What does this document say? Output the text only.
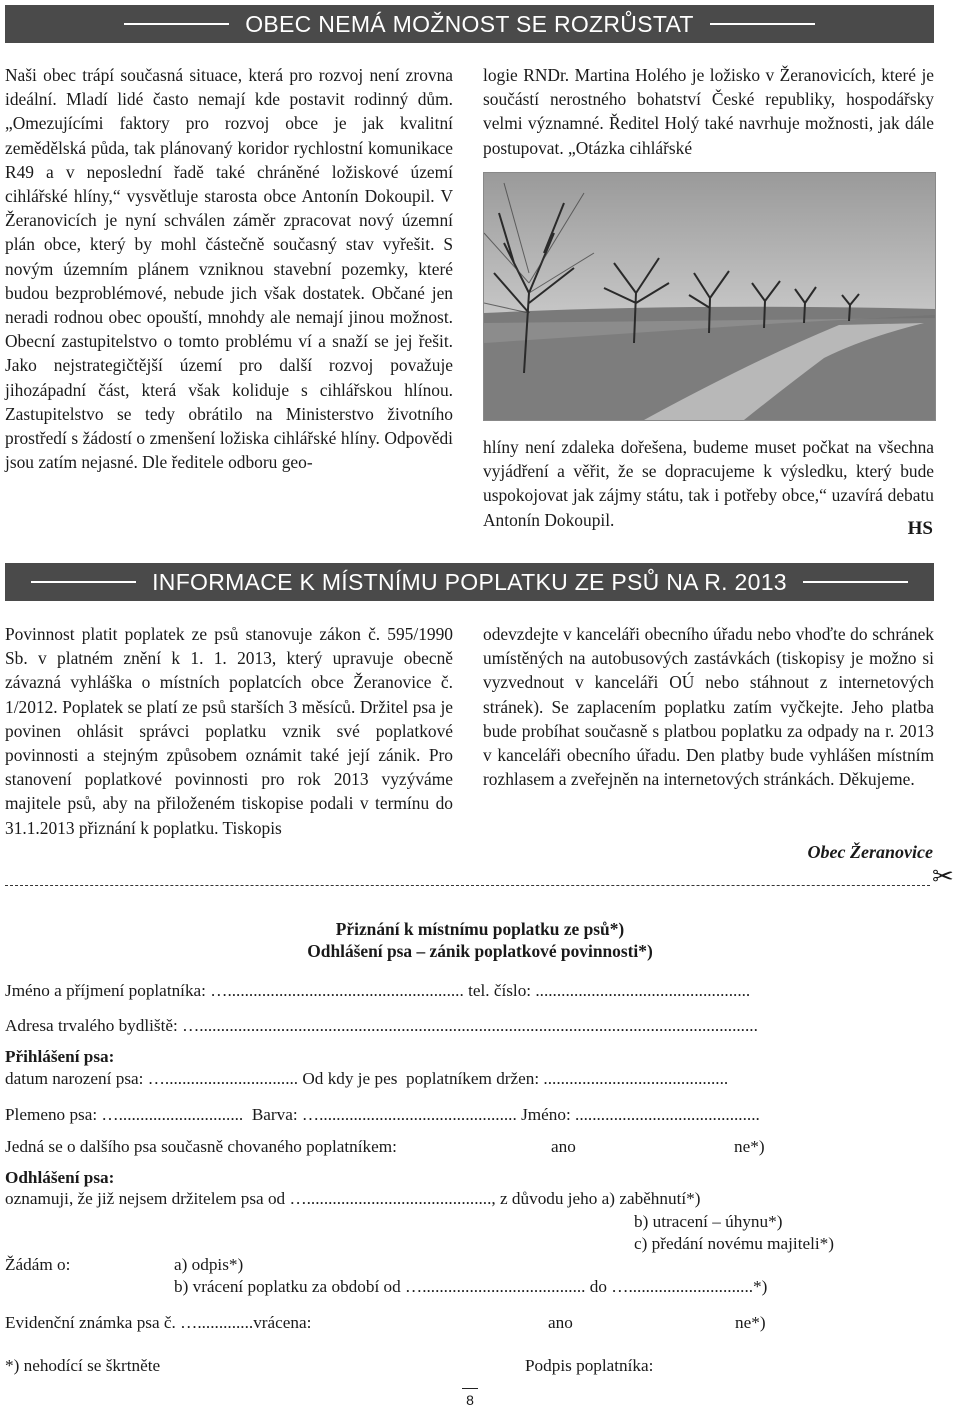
OBEC NEMÁ MOŽNOST SE ROZRŮSTAT
Naši obec trápí současná situace, která pro rozvoj není zrovna ideální. Mladí lidé často nemají kde postavit rodinný dům. „Omezujícími faktory pro rozvoj obce je jak kvalitní zemědělská půda, tak plánovaný koridor rychlostní komunikace R49 a v neposlední řadě také chráněné ložiskové území cihlářské hlíny,“ vysvětluje starosta obce Antonín Dokoupil. V Žeranovicích je nyní schválen záměr zpracovat nový územní plán obce, který by mohl částečně současný stav vyřešit. S novým územním plánem vzniknou stavební pozemky, které budou bezproblémové, nebude jich však dostatek. Občané jen neradi rodnou obec opouští, mnohdy ale nemají jinou možnost. Obecní zastupitelstvo o tomto problému ví a snaží se jej řešit. Jako nejstrategičtější území pro další rozvoj považuje jihozápadní část, která však koliduje s cihlářskou hlínou. Zastupitelstvo se tedy obrátilo na Ministerstvo životního prostředí s žádostí o zmenšení ložiska cihlářské hlíny. Odpovědi jsou zatím nejasné. Dle ředitele odboru geo-
logie RNDr. Martina Holého je ložisko v Žeranovicích, které je součástí nerostného bohatství České republiky, hospodářsky velmi významné. Ředitel Holý také navrhuje možnosti, jak dále postupovat. „Otázka cihlářské
hlíny není zdaleka dořešena, budeme muset počkat na všechna vyjádření a věřit, že se dopracujeme k výsledku, který bude uspokojovat jak zájmy státu, tak i potřeby obce,“ uzavírá debatu Antonín Dokoupil.	HS
INFORMACE K MÍSTNÍMU POPLATKU ZE PSŮ NA R. 2013
Povinnost platit poplatek ze psů stanovuje zákon č. 595/1990 Sb. v platném znění k 1. 1. 2013, který upravuje obecně závazná vyhláška o místních poplatcích obce Žeranovice č. 1/2012. Poplatek se platí ze psů starších 3 měsíců. Držitel psa je povinen ohlásit správci poplatku vznik své poplatkové povinnosti a stejným způsobem oznámit také její zánik. Pro stanovení poplatkové povinnosti pro rok 2013 vyzýváme majitele psů, aby na přiloženém tiskopise podali v termínu do 31.1.2013 přiznání k poplatku. Tiskopis
odevzdejte v kanceláři obecního úřadu nebo vhoďte do schránek umístěných na autobusových zastávkách (tiskopisy je možno si vyzvednout v kanceláři OÚ nebo stáhnout z internetových stránek). Se zaplacením poplatku zatím vyčkejte. Jeho platba bude probíhat současně s platbou poplatku za odpady na r. 2013 v kanceláři obecního úřadu. Den platby bude vyhlášen místním rozhlasem a zveřejněn na internetových stránkách. Děkujeme.
Obec Žeranovice
✂
Přiznání k místnímu poplatku ze psů*)
Odhlášení psa – zánik poplatkové povinnosti*)
Jméno a příjmení poplatníka: …....................................................... tel. číslo: ..................................................
Adresa trvalého bydliště: …..................................................................................................................................
Přihlášení psa:
datum narození psa: …............................... Od kdy je pes  poplatníkem držen: ...........................................
Plemeno psa: ….............................  Barva: ….............................................. Jméno: ...........................................
Jedná se o dalšího psa současně chovaného poplatníkem:	ano	ne*)
Odhlášení psa:
oznamuji, že již nejsem držitelem psa od …..........................................., z důvodu jeho a) zaběhnutí*)
b) utracení – úhynu*)
c) předání novému majiteli*)
Žádám o:	a) odpis*)
b) vrácení poplatku za období od …...................................... do ….............................*)
Evidenční známka psa č. ….............vrácena:	ano	ne*)
*) nehodící se škrtněte	Podpis poplatníka:
8
